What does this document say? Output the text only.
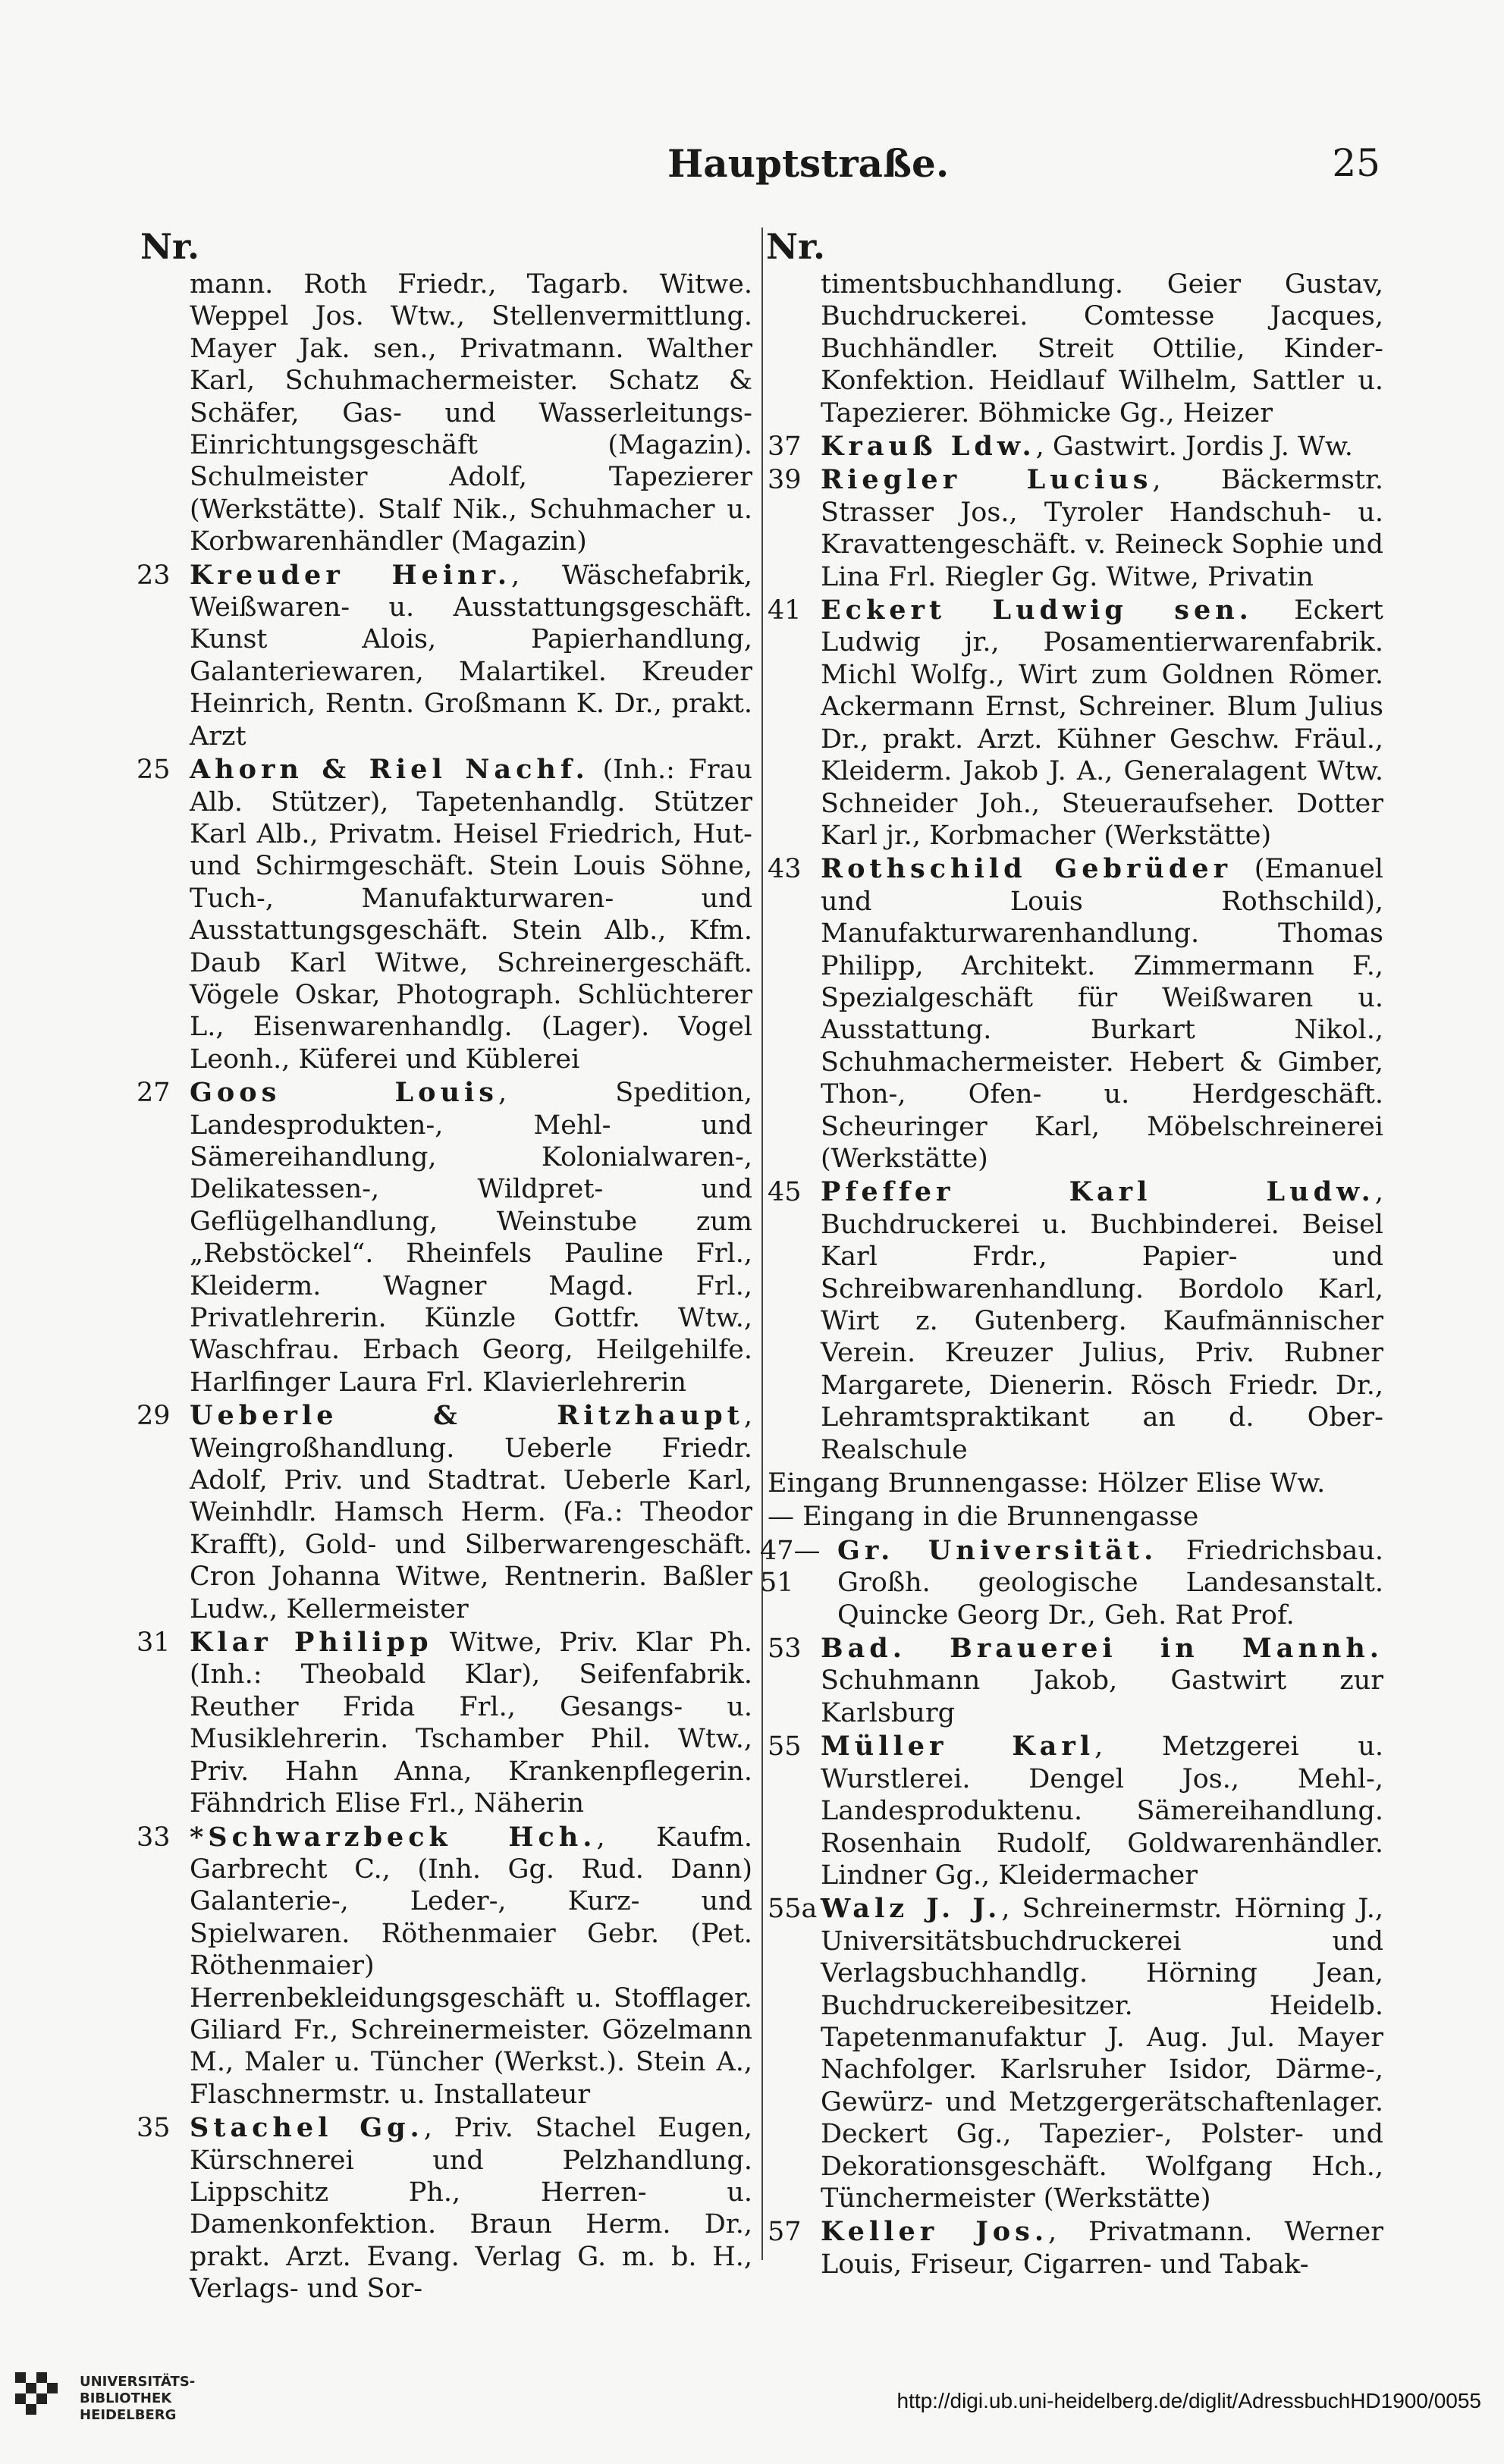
Hauptstraße.	25
Nr.	Nr.
mann. Roth Friedr., Tagarb. Witwe. Weppel Jos. Wtw., Stellenvermittlung. Mayer Jak. sen., Privatmann. Walther Karl, Schuhmachermeister. Schatz & Schäfer, Gas- und Wasserleitungs-Einrichtungsgeschäft (Magazin). Schulmeister Adolf, Tapezierer (Werkstätte). Stalf Nik., Schuhmacher u. Korbwarenhändler (Magazin)
23 Kreuder Heinr., Wäschefabrik, Weißwaren- u. Ausstattungsgeschäft. Kunst Alois, Papierhandlung, Galanteriewaren, Malartikel. Kreuder Heinrich, Rentn. Großmann K. Dr., prakt. Arzt
25 Ahorn & Riel Nachf. (Inh.: Frau Alb. Stützer), Tapetenhandlg. Stützer Karl Alb., Privatm. Heisel Friedrich, Hut- und Schirmgeschäft. Stein Louis Söhne, Tuch-, Manufakturwaren- und Ausstattungsgeschäft. Stein Alb., Kfm. Daub Karl Witwe, Schreinergeschäft. Vögele Oskar, Photograph. Schlüchterer L., Eisenwarenhandlg. (Lager). Vogel Leonh., Küferei und Küblerei
27 Goos Louis, Spedition, Landesprodukten-, Mehl- und Sämereihandlung, Kolonialwaren-, Delikatessen-, Wildpret- und Geflügelhandlung, Weinstube zum „Rebstöckel“. Rheinfels Pauline Frl., Kleiderm. Wagner Magd. Frl., Privatlehrerin. Künzle Gottfr. Wtw., Waschfrau. Erbach Georg, Heilgehilfe. Harlfinger Laura Frl. Klavierlehrerin
29 Ueberle & Ritzhaupt, Weingroßhandlung. Ueberle Friedr. Adolf, Priv. und Stadtrat. Ueberle Karl, Weinhdlr. Hamsch Herm. (Fa.: Theodor Krafft), Gold- und Silberwarengeschäft. Cron Johanna Witwe, Rentnerin. Baßler Ludw., Kellermeister
31 Klar Philipp Witwe, Priv. Klar Ph. (Inh.: Theobald Klar), Seifenfabrik. Reuther Frida Frl., Gesangs- u. Musiklehrerin. Tschamber Phil. Wtw., Priv. Hahn Anna, Krankenpflegerin. Fähndrich Elise Frl., Näherin
33 *Schwarzbeck Hch., Kaufm. Garbrecht C., (Inh. Gg. Rud. Dann) Galanterie-, Leder-, Kurz- und Spielwaren. Röthenmaier Gebr. (Pet. Röthenmaier) Herrenbekleidungsgeschäft u. Stofflager. Giliard Fr., Schreinermeister. Gözelmann M., Maler u. Tüncher (Werkst.). Stein A., Flaschnermstr. u. Installateur
35 Stachel Gg., Priv. Stachel Eugen, Kürschnerei und Pelzhandlung. Lippschitz Ph., Herren- u. Damenkonfektion. Braun Herm. Dr., prakt. Arzt. Evang. Verlag G. m. b. H., Verlags- und Sor-
timentsbuchhandlung. Geier Gustav, Buchdruckerei. Comtesse Jacques, Buchhändler. Streit Ottilie, Kinder-Konfektion. Heidlauf Wilhelm, Sattler u. Tapezierer. Böhmicke Gg., Heizer
37 Krauß Ldw., Gastwirt. Jordis J. Ww.
39 Riegler Lucius, Bäckermstr. Strasser Jos., Tyroler Handschuh- u. Kravattengeschäft. v. Reineck Sophie und Lina Frl. Riegler Gg. Witwe, Privatin
41 Eckert Ludwig sen. Eckert Ludwig jr., Posamentierwarenfabrik. Michl Wolfg., Wirt zum Goldnen Römer. Ackermann Ernst, Schreiner. Blum Julius Dr., prakt. Arzt. Kühner Geschw. Fräul., Kleiderm. Jakob J. A., Generalagent Wtw. Schneider Joh., Steueraufseher. Dotter Karl jr., Korbmacher (Werkstätte)
43 Rothschild Gebrüder (Emanuel und Louis Rothschild), Manufakturwarenhandlung. Thomas Philipp, Architekt. Zimmermann F., Spezialgeschäft für Weißwaren u. Ausstattung. Burkart Nikol., Schuhmachermeister. Hebert & Gimber, Thon-, Ofen- u. Herdgeschäft. Scheuringer Karl, Möbelschreinerei (Werkstätte)
45 Pfeffer Karl Ludw., Buchdruckerei u. Buchbinderei. Beisel Karl Frdr., Papier- und Schreibwarenhandlung. Bordolo Karl, Wirt z. Gutenberg. Kaufmännischer Verein. Kreuzer Julius, Priv. Rubner Margarete, Dienerin. Rösch Friedr. Dr., Lehramtspraktikant an d. Ober-Realschule
Eingang Brunnengasse: Hölzer Elise Ww.
— Eingang in die Brunnengasse
47—51
Gr. Universität. Friedrichsbau. Großh. geologische Landesanstalt. Quincke Georg Dr., Geh. Rat Prof.
53 Bad. Brauerei in Mannh. Schuhmann Jakob, Gastwirt zur Karlsburg
55 Müller Karl, Metzgerei u. Wurstlerei. Dengel Jos., Mehl-, Landesproduktenu. Sämereihandlung. Rosenhain Rudolf, Goldwarenhändler. Lindner Gg., Kleidermacher
55a Walz J. J., Schreinermstr. Hörning J., Universitätsbuchdruckerei und Verlagsbuchhandlg. Hörning Jean, Buchdruckereibesitzer. Heidelb. Tapetenmanufaktur J. Aug. Jul. Mayer Nachfolger. Karlsruher Isidor, Därme-, Gewürz- und Metzgergerätschaftenlager. Deckert Gg., Tapezier-, Polster- und Dekorationsgeschäft. Wolfgang Hch., Tünchermeister (Werkstätte)
57 Keller Jos., Privatmann. Werner Louis, Friseur, Cigarren- und Tabak-
UNIVERSITÄTS-
BIBLIOTHEK
HEIDELBERG
http://digi.ub.uni-heidelberg.de/diglit/AdressbuchHD1900/0055
